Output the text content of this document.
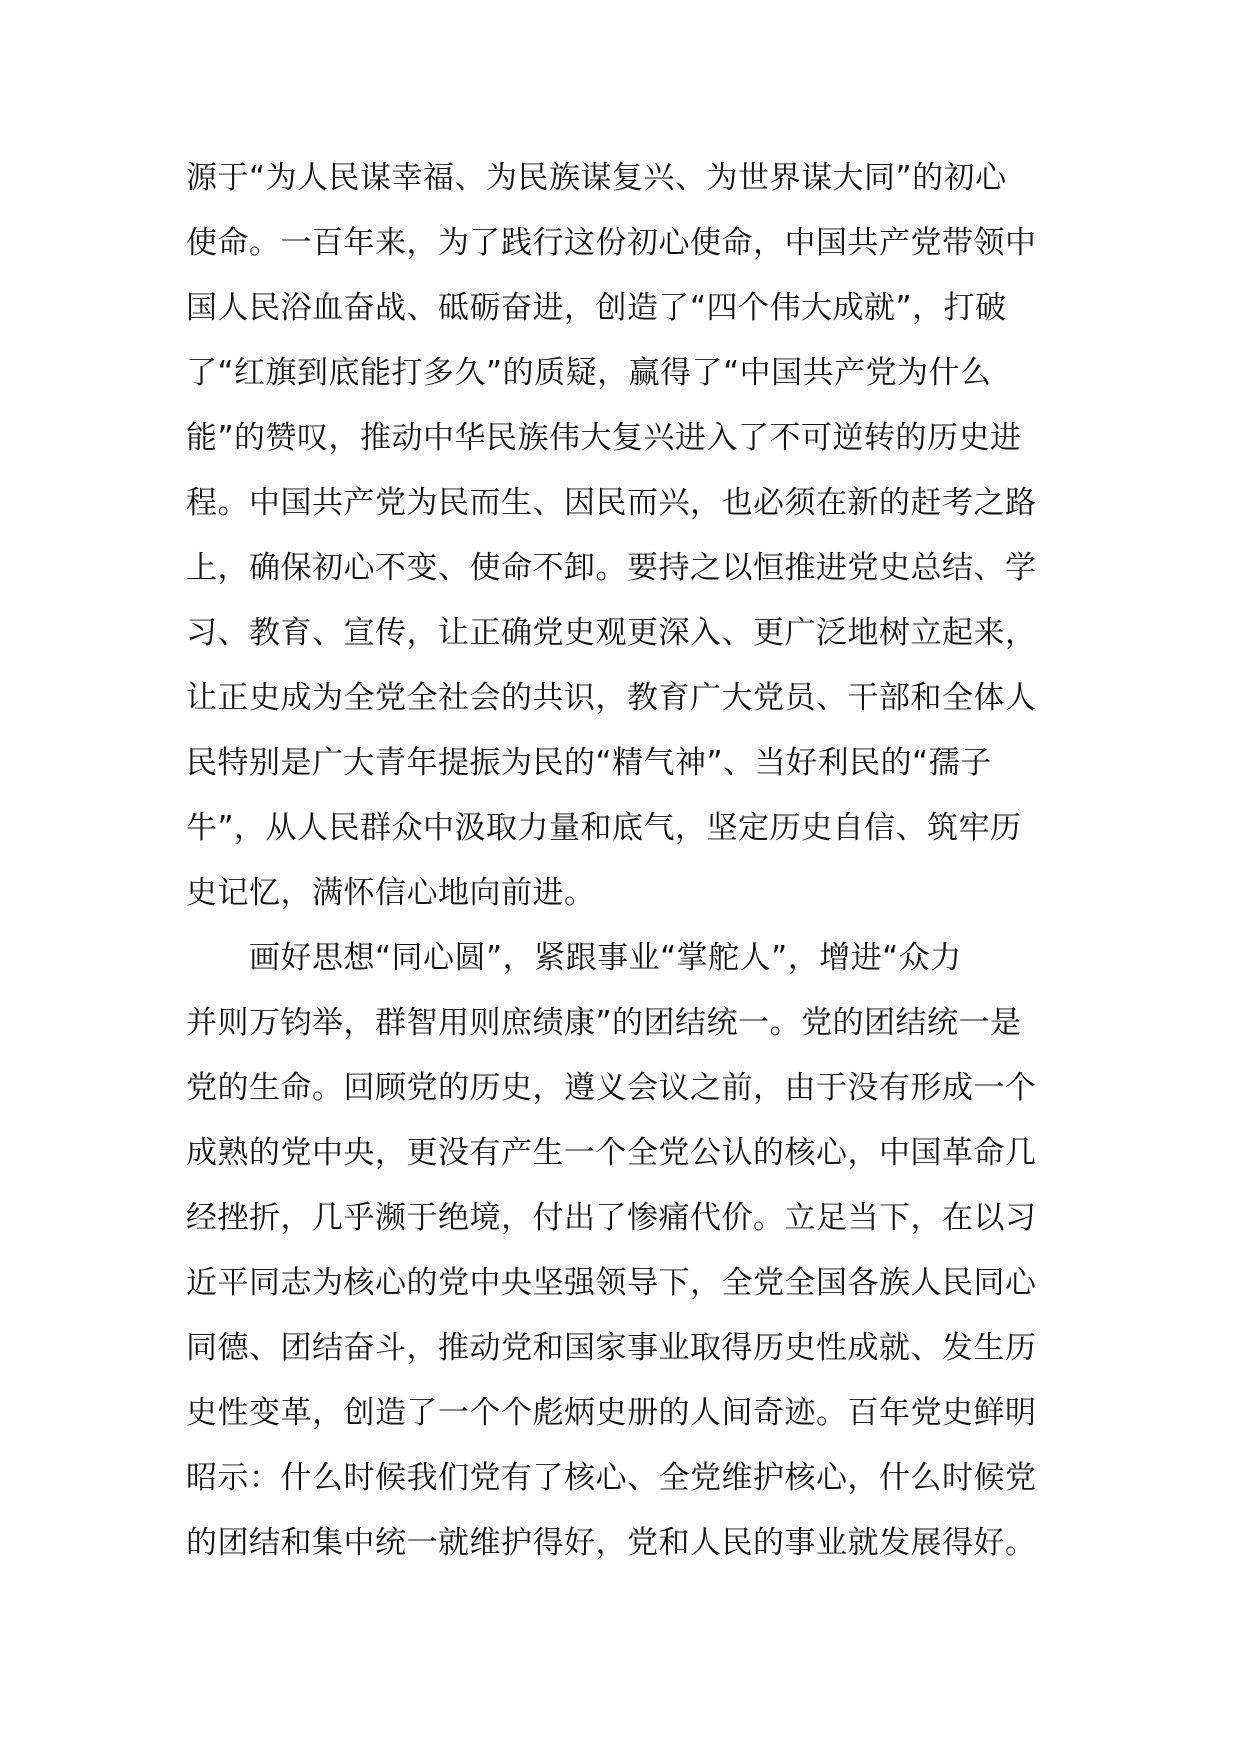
源于“为人民谋幸福、为民族谋复兴、为世界谋大同”的初心
使命。一百年来，为了践行这份初心使命，中国共产党带领中
国人民浴血奋战、砥砺奋进，创造了“四个伟大成就”，打破
了“红旗到底能打多久”的质疑，赢得了“中国共产党为什么
能”的赞叹，推动中华民族伟大复兴进入了不可逆转的历史进
程。中国共产党为民而生、因民而兴，也必须在新的赶考之路
上，确保初心不变、使命不卸。要持之以恒推进党史总结、学
习、教育、宣传，让正确党史观更深入、更广泛地树立起来，
让正史成为全党全社会的共识，教育广大党员、干部和全体人
民特别是广大青年提振为民的“精气神”、当好利民的“孺子
牛”，从人民群众中汲取力量和底气，坚定历史自信、筑牢历
史记忆，满怀信心地向前进。
画好思想“同心圆”，紧跟事业“掌舵人”，增进“众力
并则万钧举，群智用则庶绩康”的团结统一。党的团结统一是
党的生命。回顾党的历史，遵义会议之前，由于没有形成一个
成熟的党中央，更没有产生一个全党公认的核心，中国革命几
经挫折，几乎濒于绝境，付出了惨痛代价。立足当下，在以习
近平同志为核心的党中央坚强领导下，全党全国各族人民同心
同德、团结奋斗，推动党和国家事业取得历史性成就、发生历
史性变革，创造了一个个彪炳史册的人间奇迹。百年党史鲜明
昭示：什么时候我们党有了核心、全党维护核心，什么时候党
的团结和集中统一就维护得好，党和人民的事业就发展得好。
